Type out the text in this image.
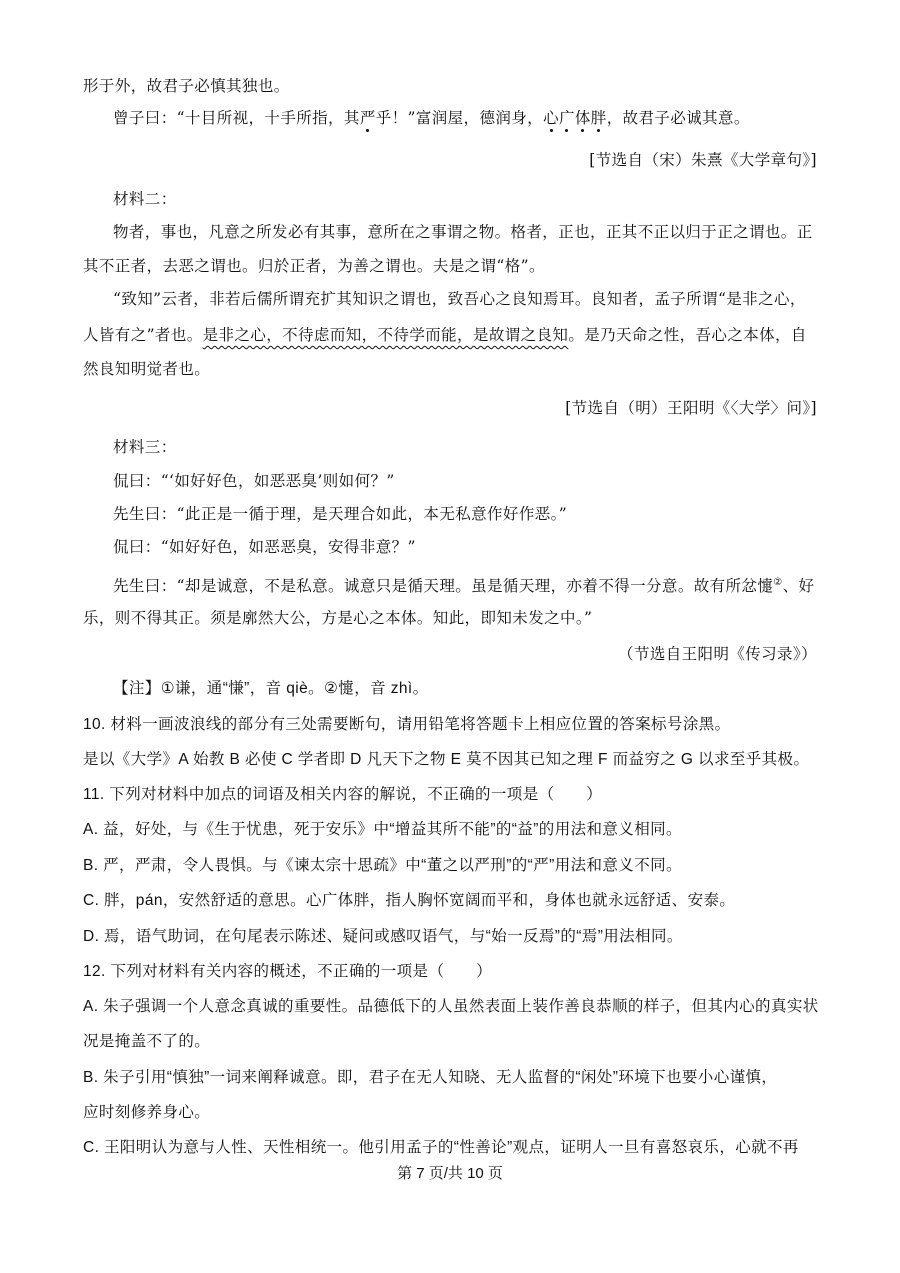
形于外，故君子必慎其独也。
曾子曰：“十目所视，十手所指，其严乎！”富润屋，德润身，心广体胖，故君子必诚其意。
[节选自（宋）朱熹《大学章句》]
材料二：
物者，事也，凡意之所发必有其事，意所在之事谓之物。格者，正也，正其不正以归于正之谓也。正
其不正者，去恶之谓也。归於正者，为善之谓也。夫是之谓“格”。
“致知”云者，非若后儒所谓充扩其知识之谓也，致吾心之良知焉耳。良知者，孟子所谓“是非之心，
人皆有之”者也。是非之心，不待虑而知，不待学而能，是故谓之良知。是乃天命之性，吾心之本体，自
然良知明觉者也。
[节选自（明）王阳明《〈大学〉问》]
材料三：
侃曰：“‘如好好色，如恶恶臭’则如何？”
先生曰：“此正是一循于理，是天理合如此，本无私意作好作恶。”
侃曰：“如好好色，如恶恶臭，安得非意？”
先生曰：“却是诚意，不是私意。诚意只是循天理。虽是循天理，亦着不得一分意。故有所忿懥②、好
乐，则不得其正。须是廓然大公，方是心之本体。知此，即知未发之中。”
（节选自王阳明《传习录》）
【注】①谦，通“慊”，音 qiè。②懥，音 zhì。
10. 材料一画波浪线的部分有三处需要断句，请用铅笔将答题卡上相应位置的答案标号涂黑。
是以《大学》A 始教 B 必使 C 学者即 D 凡天下之物 E 莫不因其已知之理 F 而益穷之 G 以求至乎其极。
11. 下列对材料中加点的词语及相关内容的解说，不正确的一项是（　　）
A. 益，好处，与《生于忧患，死于安乐》中“增益其所不能”的“益”的用法和意义相同。
B. 严，严肃，令人畏惧。与《谏太宗十思疏》中“董之以严刑”的“严”用法和意义不同。
C. 胖，pán，安然舒适的意思。心广体胖，指人胸怀宽阔而平和，身体也就永远舒适、安泰。
D. 焉，语气助词，在句尾表示陈述、疑问或感叹语气，与“始一反焉”的“焉”用法相同。
12. 下列对材料有关内容的概述，不正确的一项是（　　）
A. 朱子强调一个人意念真诚的重要性。品德低下的人虽然表面上装作善良恭顺的样子，但其内心的真实状
况是掩盖不了的。
B. 朱子引用“慎独”一词来阐释诚意。即，君子在无人知晓、无人监督的“闲处”环境下也要小心谨慎，
应时刻修养身心。
C. 王阳明认为意与人性、天性相统一。他引用孟子的“性善论”观点，证明人一旦有喜怒哀乐，心就不再
第 7 页/共 10 页
